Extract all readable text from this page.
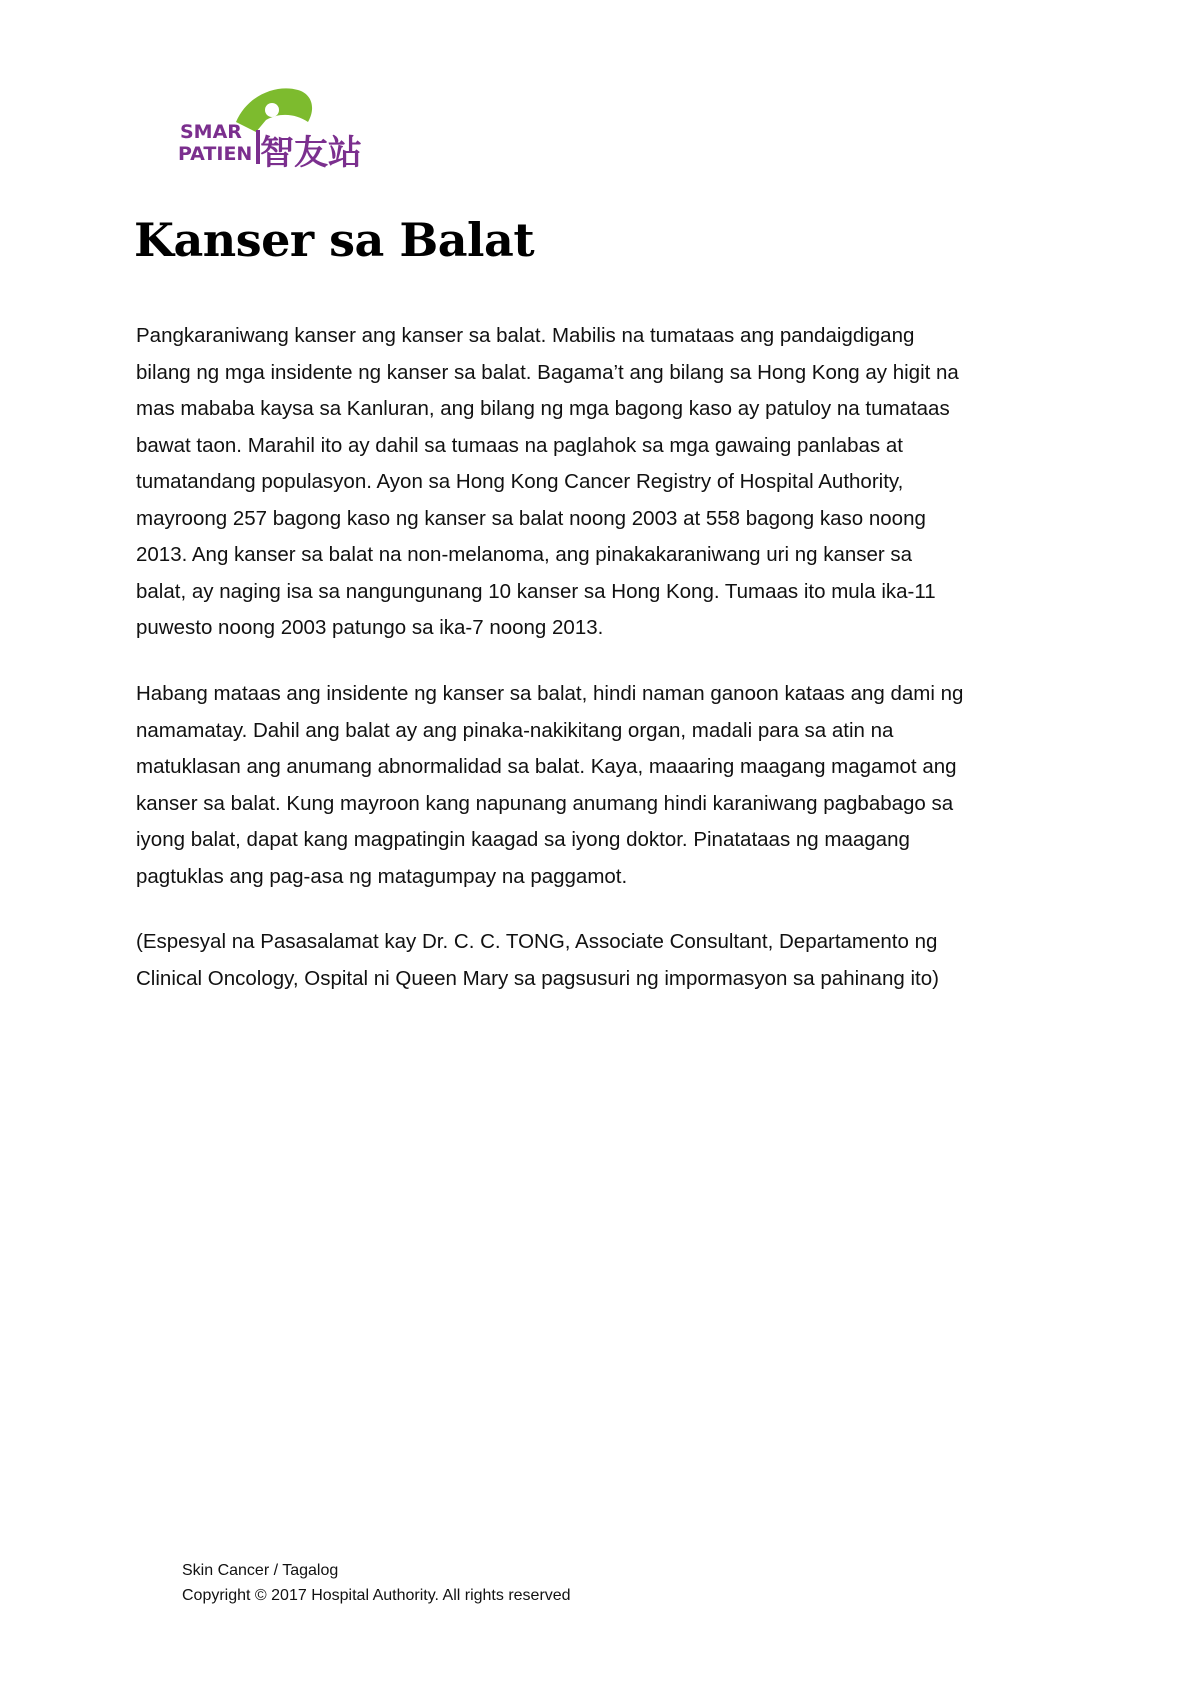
SMAR
PATIEN 智友站
Kanser sa Balat
Pangkaraniwang kanser ang kanser sa balat. Mabilis na tumataas ang pandaigdigang
bilang ng mga insidente ng kanser sa balat. Bagama’t ang bilang sa Hong Kong ay higit na
mas mababa kaysa sa Kanluran, ang bilang ng mga bagong kaso ay patuloy na tumataas
bawat taon. Marahil ito ay dahil sa tumaas na paglahok sa mga gawaing panlabas at
tumatandang populasyon. Ayon sa Hong Kong Cancer Registry of Hospital Authority,
mayroong 257 bagong kaso ng kanser sa balat noong 2003 at 558 bagong kaso noong
2013. Ang kanser sa balat na non-melanoma, ang pinakakaraniwang uri ng kanser sa
balat, ay naging isa sa nangungunang 10 kanser sa Hong Kong. Tumaas ito mula ika-11
puwesto noong 2003 patungo sa ika-7 noong 2013.
Habang mataas ang insidente ng kanser sa balat, hindi naman ganoon kataas ang dami ng
namamatay. Dahil ang balat ay ang pinaka-nakikitang organ, madali para sa atin na
matuklasan ang anumang abnormalidad sa balat. Kaya, maaaring maagang magamot ang
kanser sa balat. Kung mayroon kang napunang anumang hindi karaniwang pagbabago sa
iyong balat, dapat kang magpatingin kaagad sa iyong doktor. Pinatataas ng maagang
pagtuklas ang pag-asa ng matagumpay na paggamot.
(Espesyal na Pasasalamat kay Dr. C. C. TONG, Associate Consultant, Departamento ng
Clinical Oncology, Ospital ni Queen Mary sa pagsusuri ng impormasyon sa pahinang ito)
Skin Cancer / Tagalog
Copyright © 2017 Hospital Authority. All rights reserved
